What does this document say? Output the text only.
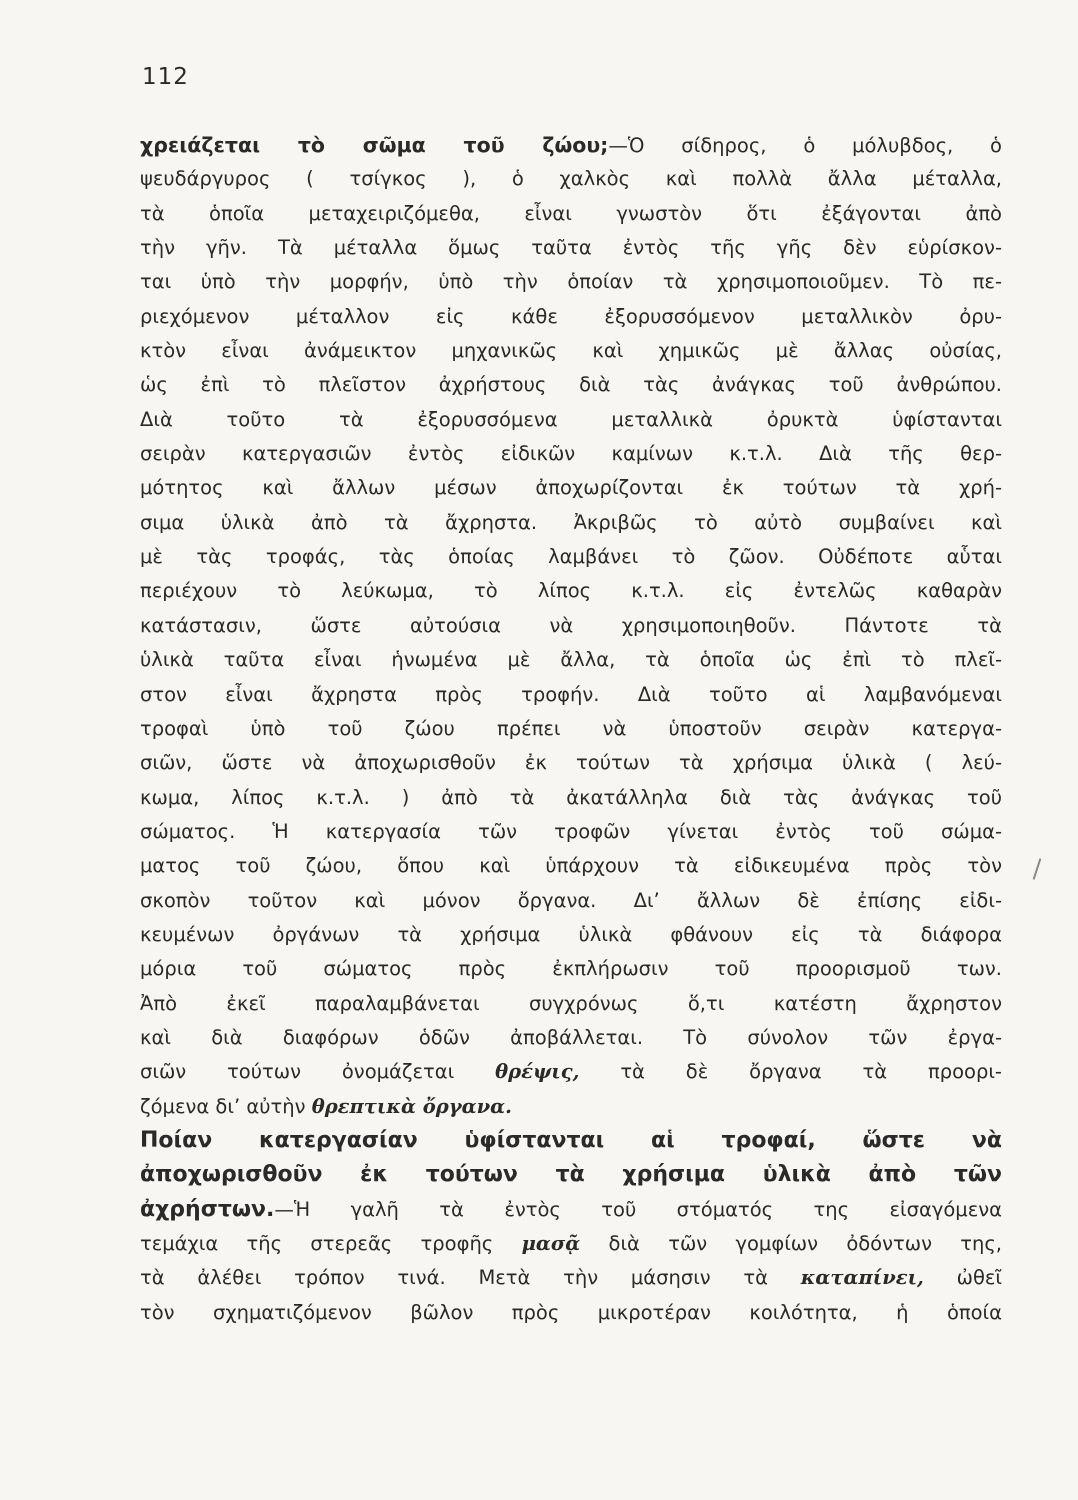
112
χρειάζεται τὸ σῶμα τοῦ ζώου;—Ὁ σίδηρος, ὁ μόλυβδος, ὁ
ψευδάργυρος ( τσίγκος ), ὁ χαλκὸς καὶ πολλὰ ἄλλα μέταλλα,
τὰ ὁποῖα μεταχειριζόμεθα, εἶναι γνωστὸν ὅτι ἐξάγονται ἀπὸ
τὴν γῆν. Τὰ μέταλλα ὅμως ταῦτα ἐντὸς τῆς γῆς δὲν εὑρίσκον-
ται ὑπὸ τὴν μορφήν, ὑπὸ τὴν ὁποίαν τὰ χρησιμοποιοῦμεν. Τὸ πε-
ριεχόμενον μέταλλον εἰς κάθε ἐξορυσσόμενον μεταλλικὸν ὀρυ-
κτὸν εἶναι ἀνάμεικτον μηχανικῶς καὶ χημικῶς μὲ ἄλλας οὐσίας,
ὡς ἐπὶ τὸ πλεῖστον ἀχρήστους διὰ τὰς ἀνάγκας τοῦ ἀνθρώπου.
Διὰ τοῦτο τὰ ἐξορυσσόμενα μεταλλικὰ ὀρυκτὰ ὑφίστανται
σειρὰν κατεργασιῶν ἐντὸς εἰδικῶν καμίνων κ.τ.λ. Διὰ τῆς θερ-
μότητος καὶ ἄλλων μέσων ἀποχωρίζονται ἐκ τούτων τὰ χρή-
σιμα ὑλικὰ ἀπὸ τὰ ἄχρηστα. Ἀκριβῶς τὸ αὐτὸ συμβαίνει καὶ
μὲ τὰς τροφάς, τὰς ὁποίας λαμβάνει τὸ ζῶον. Οὐδέποτε αὗται
περιέχουν τὸ λεύκωμα, τὸ λίπος κ.τ.λ. εἰς ἐντελῶς καθαρὰν
κατάστασιν, ὥστε αὐτούσια νὰ χρησιμοποιηθοῦν. Πάντοτε τὰ
ὑλικὰ ταῦτα εἶναι ἡνωμένα μὲ ἄλλα, τὰ ὁποῖα ὡς ἐπὶ τὸ πλεῖ-
στον εἶναι ἄχρηστα πρὸς τροφήν. Διὰ τοῦτο αἱ λαμβανόμεναι
τροφαὶ ὑπὸ τοῦ ζώου πρέπει νὰ ὑποστοῦν σειρὰν κατεργα-
σιῶν, ὥστε νὰ ἀποχωρισθοῦν ἐκ τούτων τὰ χρήσιμα ὑλικὰ ( λεύ-
κωμα, λίπος κ.τ.λ. ) ἀπὸ τὰ ἀκατάλληλα διὰ τὰς ἀνάγκας τοῦ
σώματος. Ἡ κατεργασία τῶν τροφῶν γίνεται ἐντὸς τοῦ σώμα-
ματος τοῦ ζώου, ὅπου καὶ ὑπάρχουν τὰ εἰδικευμένα πρὸς τὸν
σκοπὸν τοῦτον καὶ μόνον ὄργανα. Δι’ ἄλλων δὲ ἐπίσης εἰδι-
κευμένων ὀργάνων τὰ χρήσιμα ὑλικὰ φθάνουν εἰς τὰ διάφορα
μόρια τοῦ σώματος πρὸς ἐκπλήρωσιν τοῦ προορισμοῦ των.
Ἀπὸ ἐκεῖ παραλαμβάνεται συγχρόνως ὅ,τι κατέστη ἄχρηστον
καὶ διὰ διαφόρων ὁδῶν ἀποβάλλεται. Τὸ σύνολον τῶν ἐργα-
σιῶν τούτων ὀνομάζεται θρέψις, τὰ δὲ ὄργανα τὰ προορι-
ζόμενα δι’ αὐτὴν θρεπτικὰ ὄργανα.
Ποίαν κατεργασίαν ὑφίστανται αἱ τροφαί, ὥστε νὰ
ἀποχωρισθοῦν ἐκ τούτων τὰ χρήσιμα ὑλικὰ ἀπὸ τῶν
ἀχρήστων.—Ἡ γαλῆ τὰ ἐντὸς τοῦ στόματός της εἰσαγόμενα
τεμάχια τῆς στερεᾶς τροφῆς μασᾷ διὰ τῶν γομφίων ὀδόντων της,
τὰ ἀλέθει τρόπον τινά. Μετὰ τὴν μάσησιν τὰ καταπίνει, ὠθεῖ
τὸν σχηματιζόμενον βῶλον πρὸς μικροτέραν κοιλότητα, ἡ ὁποία
